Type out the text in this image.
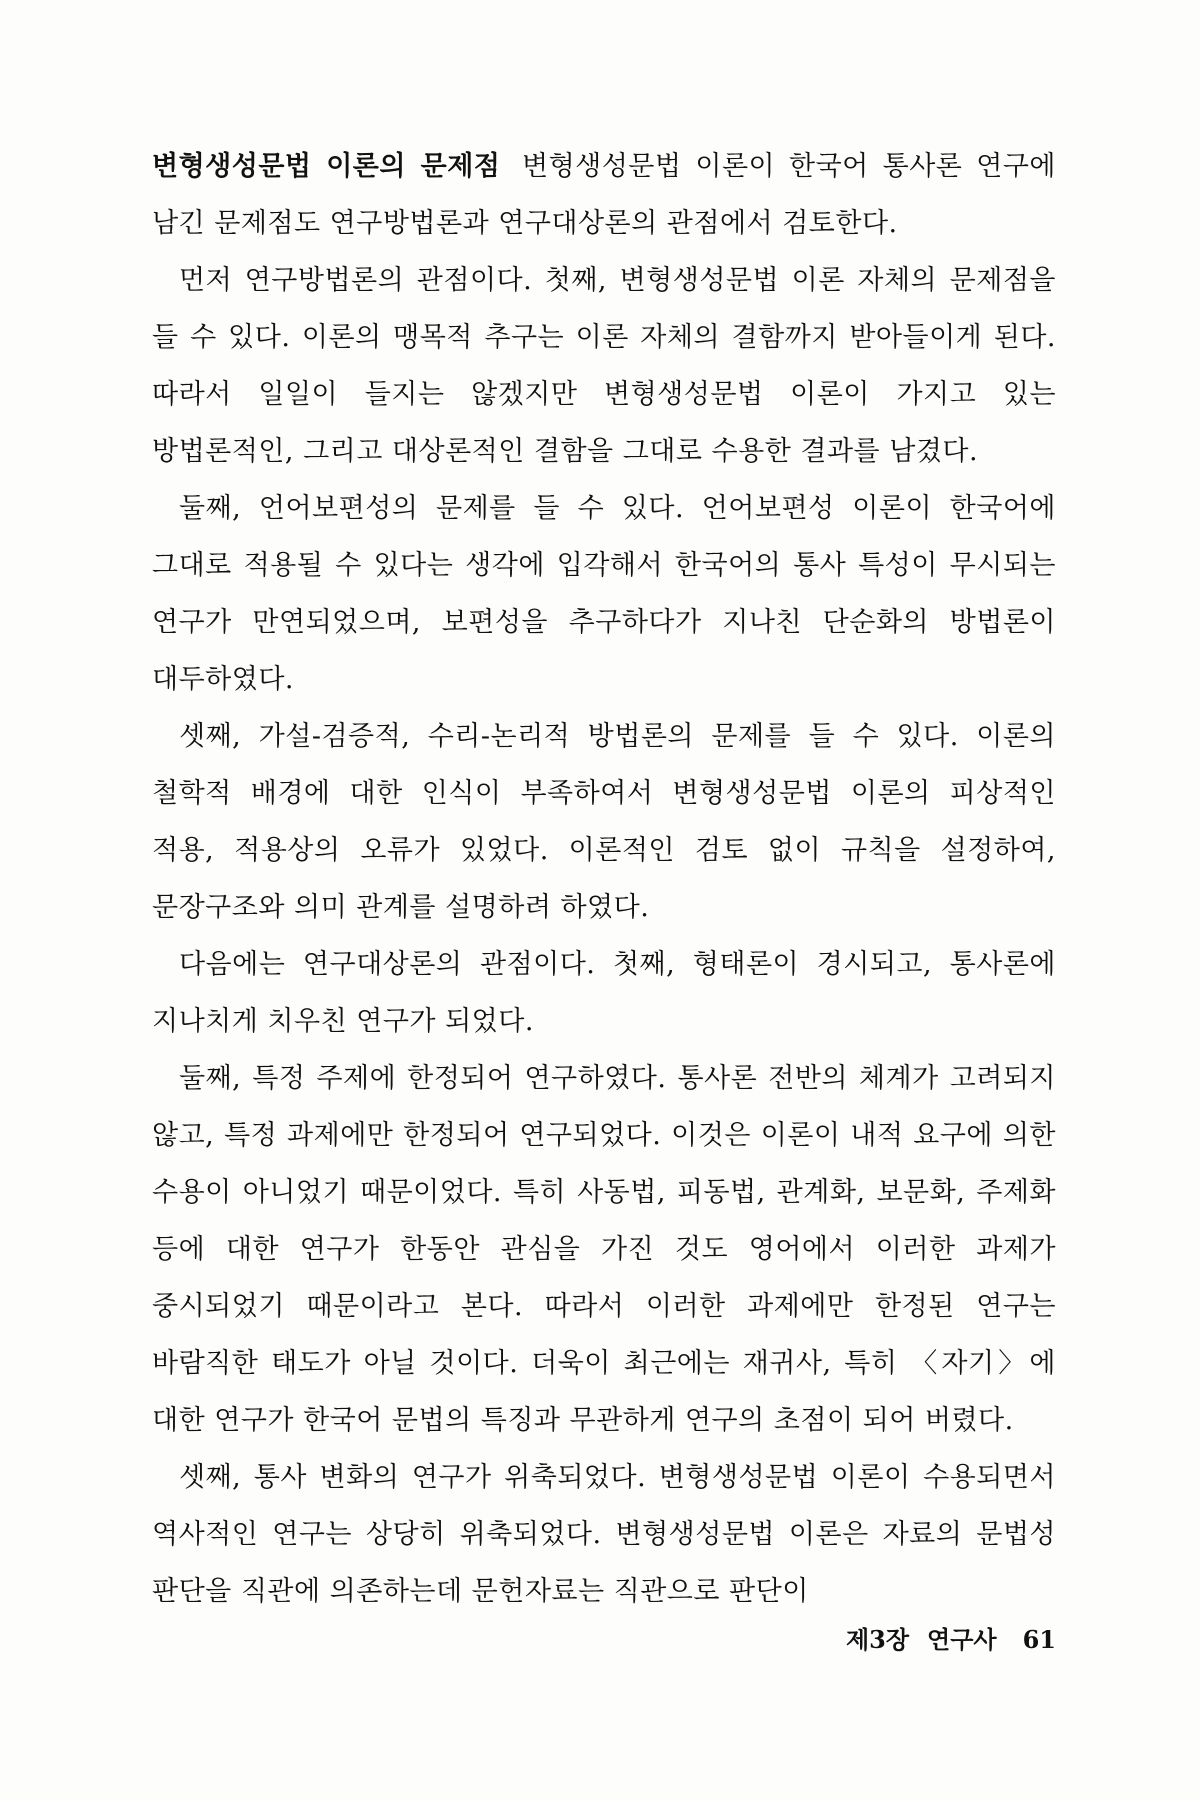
변형생성문법 이론의 문제점 변형생성문법 이론이 한국어 통사론 연구에 남긴 문제점도 연구방법론과 연구대상론의 관점에서 검토한다.

먼저 연구방법론의 관점이다. 첫째, 변형생성문법 이론 자체의 문제점을 들 수 있다. 이론의 맹목적 추구는 이론 자체의 결함까지 받아들이게 된다. 따라서 일일이 들지는 않겠지만 변형생성문법 이론이 가지고 있는 방법론적인, 그리고 대상론적인 결함을 그대로 수용한 결과를 남겼다.

둘째, 언어보편성의 문제를 들 수 있다. 언어보편성 이론이 한국어에 그대로 적용될 수 있다는 생각에 입각해서 한국어의 통사 특성이 무시되는 연구가 만연되었으며, 보편성을 추구하다가 지나친 단순화의 방법론이 대두하였다.

셋째, 가설-검증적, 수리-논리적 방법론의 문제를 들 수 있다. 이론의 철학적 배경에 대한 인식이 부족하여서 변형생성문법 이론의 피상적인 적용, 적용상의 오류가 있었다. 이론적인 검토 없이 규칙을 설정하여, 문장구조와 의미 관계를 설명하려 하였다.

다음에는 연구대상론의 관점이다. 첫째, 형태론이 경시되고, 통사론에 지나치게 치우친 연구가 되었다.

둘째, 특정 주제에 한정되어 연구하였다. 통사론 전반의 체계가 고려되지 않고, 특정 과제에만 한정되어 연구되었다. 이것은 이론이 내적 요구에 의한 수용이 아니었기 때문이었다. 특히 사동법, 피동법, 관계화, 보문화, 주제화 등에 대한 연구가 한동안 관심을 가진 것도 영어에서 이러한 과제가 중시되었기 때문이라고 본다. 따라서 이러한 과제에만 한정된 연구는 바람직한 태도가 아닐 것이다. 더욱이 최근에는 재귀사, 특히 〈자기〉에 대한 연구가 한국어 문법의 특징과 무관하게 연구의 초점이 되어 버렸다.

셋째, 통사 변화의 연구가 위축되었다. 변형생성문법 이론이 수용되면서 역사적인 연구는 상당히 위축되었다. 변형생성문법 이론은 자료의 문법성 판단을 직관에 의존하는데 문헌자료는 직관으로 판단이

제3장 연구사 61
